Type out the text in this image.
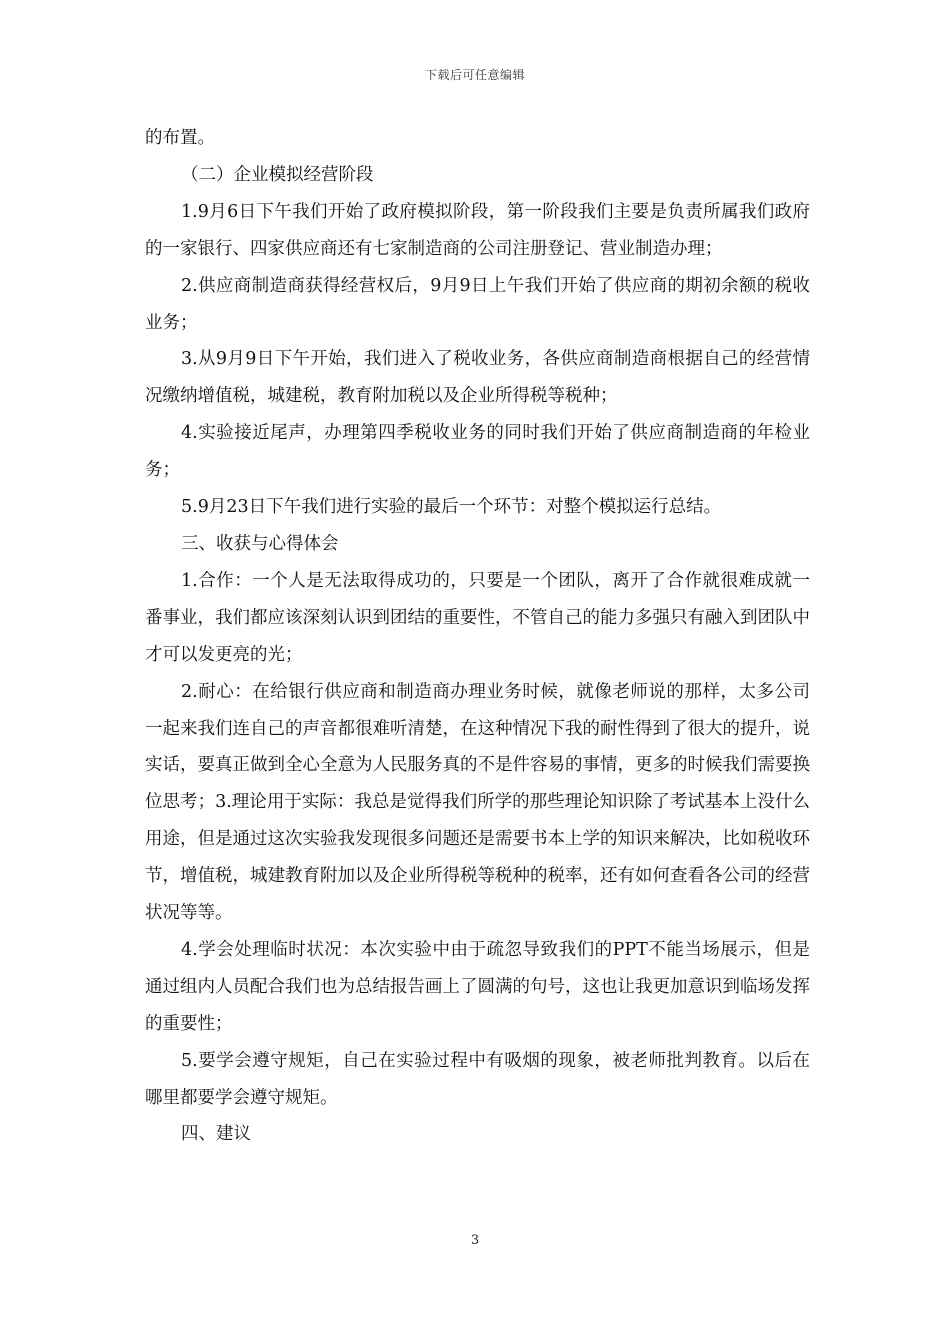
下载后可任意编辑

的布置。

（二）企业模拟经营阶段

1.9月6日下午我们开始了政府模拟阶段，第一阶段我们主要是负责所属我们政府的一家银行、四家供应商还有七家制造商的公司注册登记、营业制造办理；

2.供应商制造商获得经营权后，9月9日上午我们开始了供应商的期初余额的税收业务；

3.从9月9日下午开始，我们进入了税收业务，各供应商制造商根据自己的经营情况缴纳增值税，城建税，教育附加税以及企业所得税等税种；

4.实验接近尾声，办理第四季税收业务的同时我们开始了供应商制造商的年检业务；

5.9月23日下午我们进行实验的最后一个环节：对整个模拟运行总结。

三、收获与心得体会

1.合作：一个人是无法取得成功的，只要是一个团队，离开了合作就很难成就一番事业，我们都应该深刻认识到团结的重要性，不管自己的能力多强只有融入到团队中才可以发更亮的光；

2.耐心：在给银行供应商和制造商办理业务时候，就像老师说的那样，太多公司一起来我们连自己的声音都很难听清楚，在这种情况下我的耐性得到了很大的提升，说实话，要真正做到全心全意为人民服务真的不是件容易的事情，更多的时候我们需要换位思考；3.理论用于实际：我总是觉得我们所学的那些理论知识除了考试基本上没什么用途，但是通过这次实验我发现很多问题还是需要书本上学的知识来解决，比如税收环节，增值税，城建教育附加以及企业所得税等税种的税率，还有如何查看各公司的经营状况等等。

4.学会处理临时状况：本次实验中由于疏忽导致我们的PPT不能当场展示，但是通过组内人员配合我们也为总结报告画上了圆满的句号，这也让我更加意识到临场发挥的重要性；

5.要学会遵守规矩，自己在实验过程中有吸烟的现象，被老师批判教育。以后在哪里都要学会遵守规矩。

四、建议

3
